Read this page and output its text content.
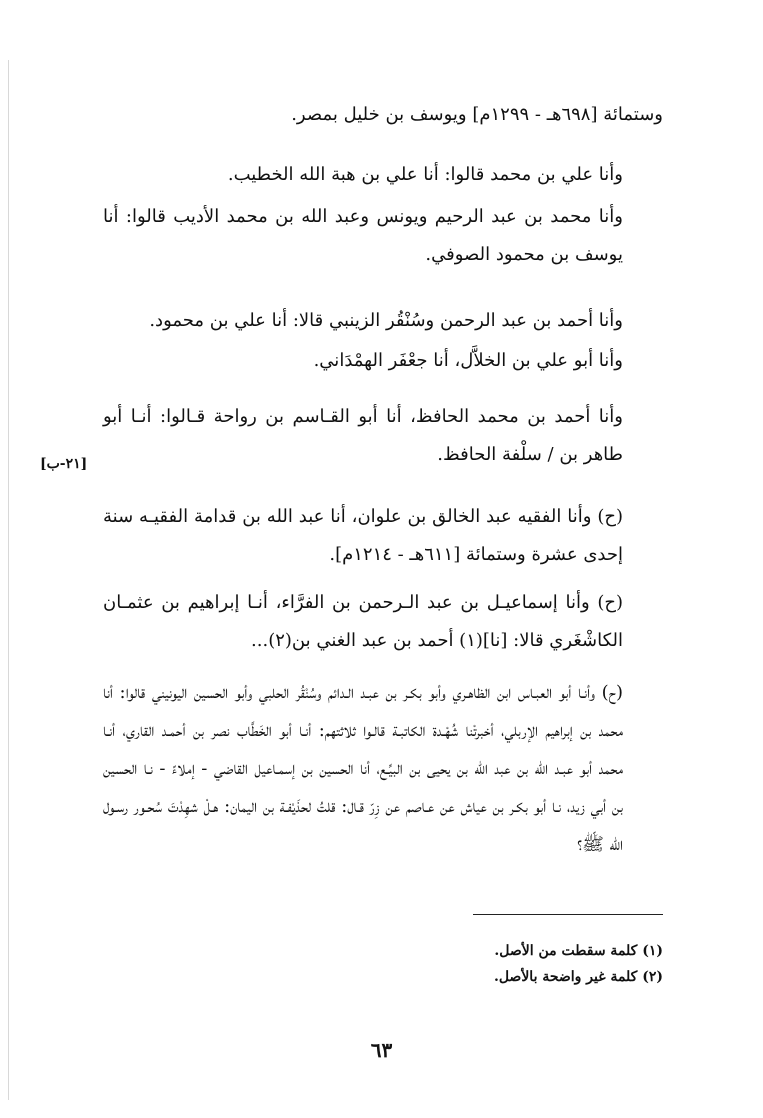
وستمائة [٦٩٨هـ - ١٢٩٩م] ويوسف بن خليل بمصر.
وأنا علي بن محمد قالوا: أنا علي بن هبة الله الخطيب.
وأنا محمد بن عبد الرحيم ويونس وعبد الله بن محمد الأديب قالوا: أنا يوسف بن محمود الصوفي.
وأنا أحمد بن عبد الرحمن وسُنْقُر الزينبي قالا: أنا علي بن محمود.
وأنا أبو علي بن الخلاَّل، أنا جعْفَر الهمْدَاني.
وأنا أحمد بن محمد الحافظ، أنا أبو القـاسم بن رواحة قـالوا: أنـا أبو طاهر بن / سلْفة الحافظ.
[٢١-ب]
(ح) وأنا الفقيه عبد الخالق بن علوان، أنا عبد الله بن قدامة الفقيـه سنة إحدى عشرة وستمائة [٦١١هـ - ١٢١٤م].
(ح) وأنا إسماعيـل بن عبد الـرحمن بن الفرَّاء، أنـا إبراهيم بن عثمـان الكاشْغَري قالا: [نا](١) أحمد بن عبد الغني بن(٢)...
(ح) وأنـا أبو العبـاس ابن الظاهـري وأبو بكـر بن عبـد الـدائم وسُنْقُر الحلبي وأبو الحسين اليونيني قالوا: أنا محمد بن إبراهيم الإربلي، أخبرتْنا شُهْـدة الكاتبـة قالـوا ثلاثتهم: أنـا أبو الخَطَّاب نصر بن أحمـد القاري، أنـا محمد أبو عبـد الله بن عبد الله بن يحيى بن البيِّـع، أنا الحسين بن إسمـاعيل القاضي - إملاءً - نـا الحسين بن أبي زيد، نـا أبو بكـر بن عياش عن عـاصم عن زِرّ قـال: قلتُ لحذَيْفـة بن اليمان: هـلْ شهِدْتَ سُحـور رسـول الله ﷺ؟
(١) كلمة سقطت من الأصل.
(٢) كلمة غير واضحة بالأصل.
٦٣
